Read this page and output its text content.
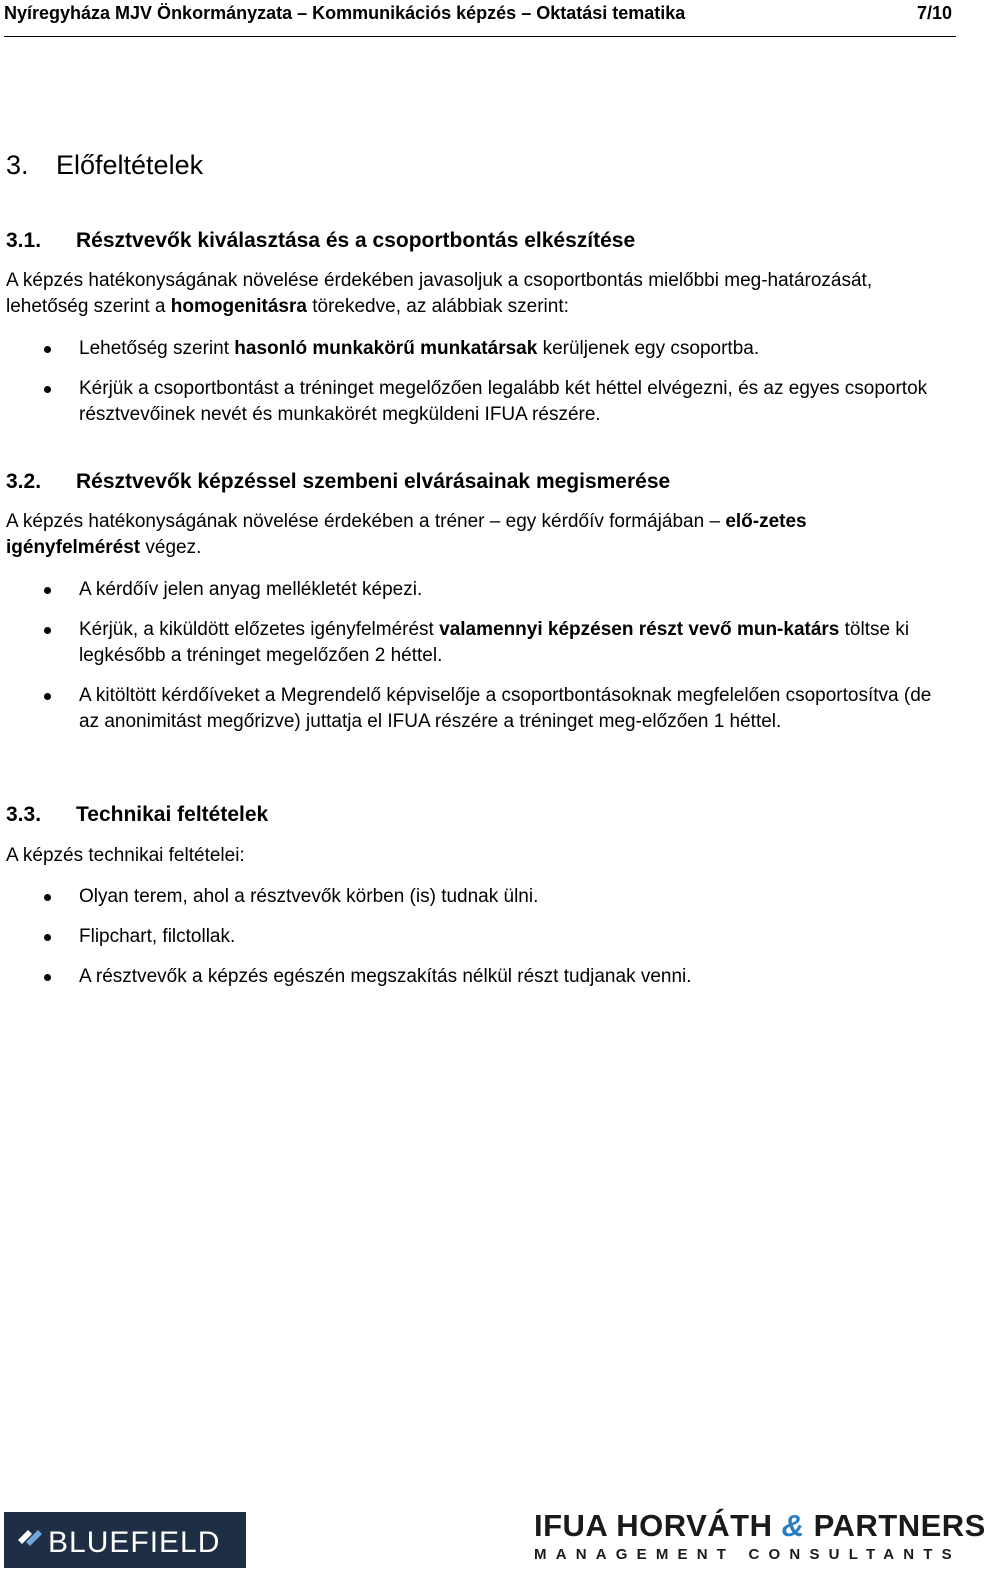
Nyíregyháza MJV Önkormányzata – Kommunikációs képzés – Oktatási tematika	7/10
3. Előfeltételek
3.1. Résztvevők kiválasztása és a csoportbontás elkészítése
A képzés hatékonyságának növelése érdekében javasoljuk a csoportbontás mielőbbi meg-határozását, lehetőség szerint a homogenitásra törekedve, az alábbiak szerint:
Lehetőség szerint hasonló munkakörű munkatársak kerüljenek egy csoportba.
Kérjük a csoportbontást a tréninget megelőzően legalább két héttel elvégezni, és az egyes csoportok résztvevőinek nevét és munkakörét megküldeni IFUA részére.
3.2. Résztvevők képzéssel szembeni elvárásainak megismerése
A képzés hatékonyságának növelése érdekében a tréner – egy kérdőív formájában – elő-zetes igényfelmérést végez.
A kérdőív jelen anyag mellékletét képezi.
Kérjük, a kiküldött előzetes igényfelmérést valamennyi képzésen részt vevő mun-katárs töltse ki legkésőbb a tréninget megelőzően 2 héttel.
A kitöltött kérdőíveket a Megrendelő képviselője a csoportbontásoknak megfelelően csoportosítva (de az anonimitást megőrizve) juttatja el IFUA részére a tréninget meg-előzően 1 héttel.
3.3. Technikai feltételek
A képzés technikai feltételei:
Olyan terem, ahol a résztvevők körben (is) tudnak ülni.
Flipchart, filctollak.
A résztvevők a képzés egészén megszakítás nélkül részt tudjanak venni.
BLUEFIELD	IFUA HORVÁTH & PARTNERS
MANAGEMENT CONSULTANTS
